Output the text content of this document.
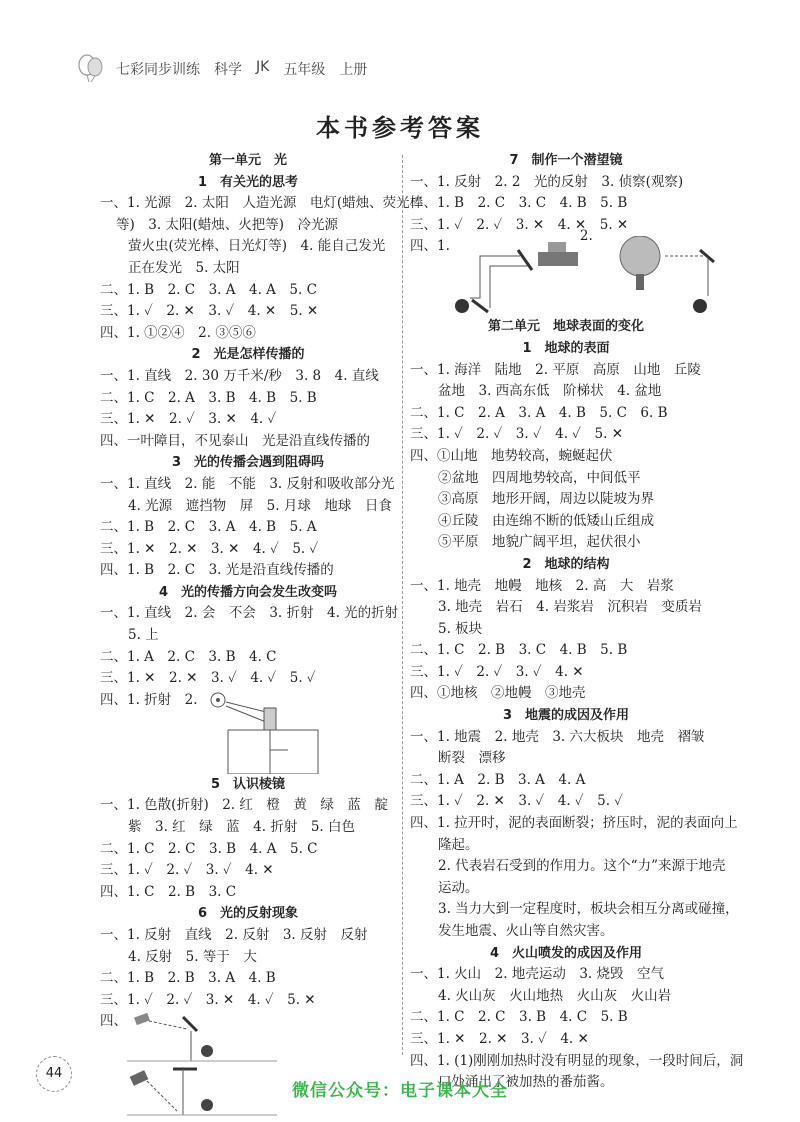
七彩同步训练 科学 JK 五年级 上册
本书参考答案
第一单元　光
1　有关光的思考
一、1. 光源　2. 太阳　人造光源　电灯(蜡烛、荧光棒
等)　3. 太阳(蜡烛、火把等)　冷光源
萤火虫(荧光棒、日光灯等)　4. 能自己发光
正在发光　5. 太阳
二、1. B　2. C　3. A　4. A　5. C
三、1. ✓　2. ✕　3. ✓　4. ✕　5. ✕
四、1. ①②④　2. ③⑤⑥
2　光是怎样传播的
一、1. 直线　2. 30 万千米/秒　3. 8　4. 直线
二、1. C　2. A　3. B　4. B　5. B
三、1. ✕　2. ✓　3. ✕　4. ✓
四、一叶障目，不见泰山　光是沿直线传播的
3　光的传播会遇到阻碍吗
一、1. 直线　2. 能　不能　3. 反射和吸收部分光
4. 光源　遮挡物　屏　5. 月球　地球　日食
二、1. B　2. C　3. A　4. B　5. A
三、1. ✕　2. ✕　3. ✕　4. ✓　5. ✓
四、1. B　2. C　3. 光是沿直线传播的
4　光的传播方向会发生改变吗
一、1. 直线　2. 会　不会　3. 折射　4. 光的折射
5. 上
二、1. A　2. C　3. B　4. C
三、1. ✕　2. ✕　3. ✓　4. ✓　5. ✓
四、1. 折射　2.
5　认识棱镜
一、1. 色散(折射)　2. 红　橙　黄　绿　蓝　靛
紫　3. 红　绿　蓝　4. 折射　5. 白色
二、1. C　2. C　3. B　4. A　5. C
三、1. ✓　2. ✓　3. ✓　4. ✕
四、1. C　2. B　3. C
6　光的反射现象
一、1. 反射　直线　2. 反射　3. 反射　反射
4. 反射　5. 等于　大
二、1. B　2. B　3. A　4. B
三、1. ✓　2. ✓　3. ✕　4. ✓　5. ✕
四、
7　制作一个潜望镜
一、1. 反射　2. 2　光的反射　3. 侦察(观察)
二、1. B　2. C　3. C　4. B　5. B
三、1. ✓　2. ✓　3. ✕　4. ✕　5. ✕
四、1.
2.
第二单元　地球表面的变化
1　地球的表面
一、1. 海洋　陆地　2. 平原　高原　山地　丘陵
盆地　3. 西高东低　阶梯状　4. 盆地
二、1. C　2. A　3. A　4. B　5. C　6. B
三、1. ✓　2. ✓　3. ✓　4. ✓　5. ✕
四、①山地　地势较高，蜿蜒起伏
②盆地　四周地势较高，中间低平
③高原　地形开阔，周边以陡坡为界
④丘陵　由连绵不断的低矮山丘组成
⑤平原　地貌广阔平坦，起伏很小
2　地球的结构
一、1. 地壳　地幔　地核　2. 高　大　岩浆
3. 地壳　岩石　4. 岩浆岩　沉积岩　变质岩
5. 板块
二、1. C　2. B　3. C　4. B　5. B
三、1. ✓　2. ✓　3. ✓　4. ✕
四、①地核　②地幔　③地壳
3　地震的成因及作用
一、1. 地震　2. 地壳　3. 六大板块　地壳　褶皱
断裂　漂移
二、1. A　2. B　3. A　4. A
三、1. ✓　2. ✕　3. ✓　4. ✓　5. ✓
四、1. 拉开时，泥的表面断裂；挤压时，泥的表面向上
隆起。
2. 代表岩石受到的作用力。这个“力”来源于地壳
运动。
3. 当力大到一定程度时，板块会相互分离或碰撞，
发生地震、火山等自然灾害。
4　火山喷发的成因及作用
一、1. 火山　2. 地壳运动　3. 烧毁　空气
4. 火山灰　火山地热　火山灰　火山岩
二、1. C　2. C　3. B　4. C　5. B
三、1. ✕　2. ✕　3. ✓　4. ✕
四、1. (1)刚刚加热时没有明显的现象，一段时间后，洞
口处涌出了被加热的番茄酱。
44
微信公众号：电子课本大全
